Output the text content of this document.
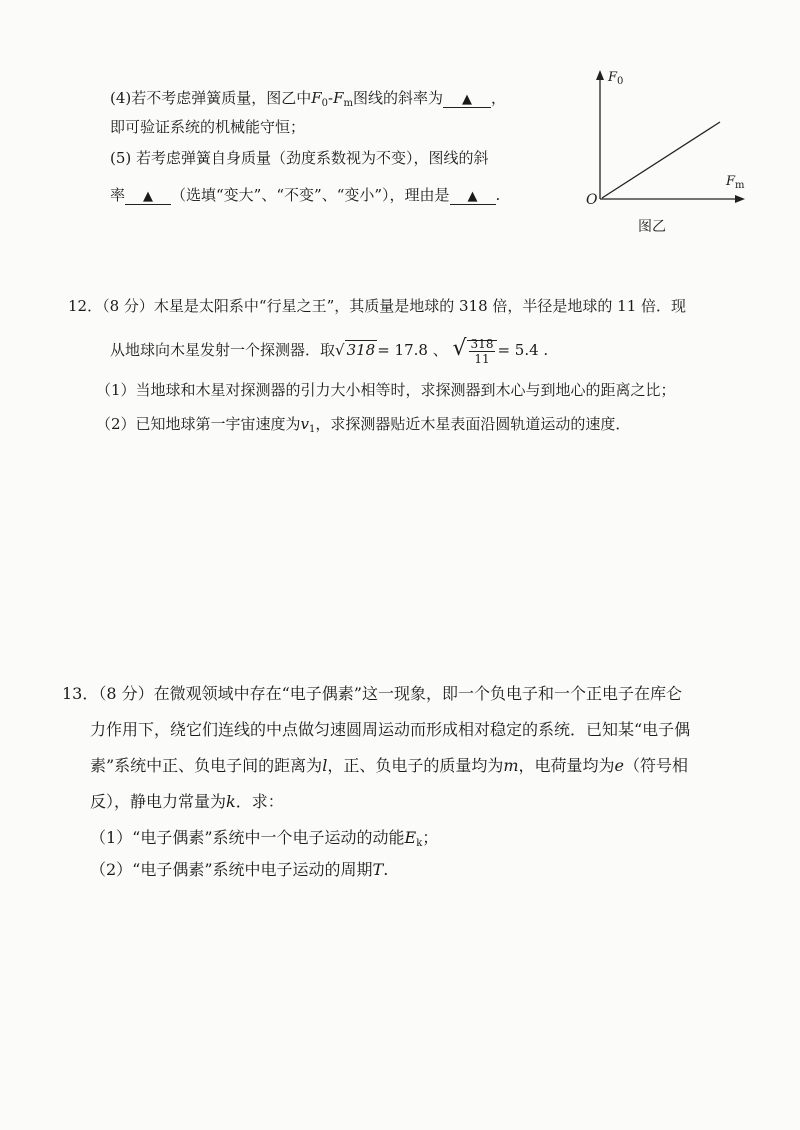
(4)若不考虑弹簧质量，图乙中$F_0-F_m$图线的斜率为 ▲ ，
即可验证系统的机械能守恒；
(5) 若考虑弹簧自身质量（劲度系数视为不变），图线的斜
率 ▲ （选填“变大”、“不变”、“变小”），理由是 ▲ .
$F_0$
$F_m$
O
图乙
12．（8 分）木星是太阳系中“行星之王”，其质量是地球的 318 倍，半径是地球的 11 倍．现
从地球向木星发射一个探测器．取√ 318 = 17.8 、 √ $\frac{318}{11} = 5.4$ .
（1）当地球和木星对探测器的引力大小相等时，求探测器到木心与到地心的距离之比；
（2）已知地球第一宇宙速度为$v_1$，求探测器贴近木星表面沿圆轨道运动的速度．
13．（8 分）在微观领域中存在“电子偶素”这一现象，即一个负电子和一个正电子在库仑
力作用下，绕它们连线的中点做匀速圆周运动而形成相对稳定的系统．已知某“电子偶
素”系统中正、负电子间的距离为l，正、负电子的质量均为m，电荷量均为e（符号相
反），静电力常量为k．求：
（1）“电子偶素”系统中一个电子运动的动能$E_k$；
（2）“电子偶素”系统中电子运动的周期T.
